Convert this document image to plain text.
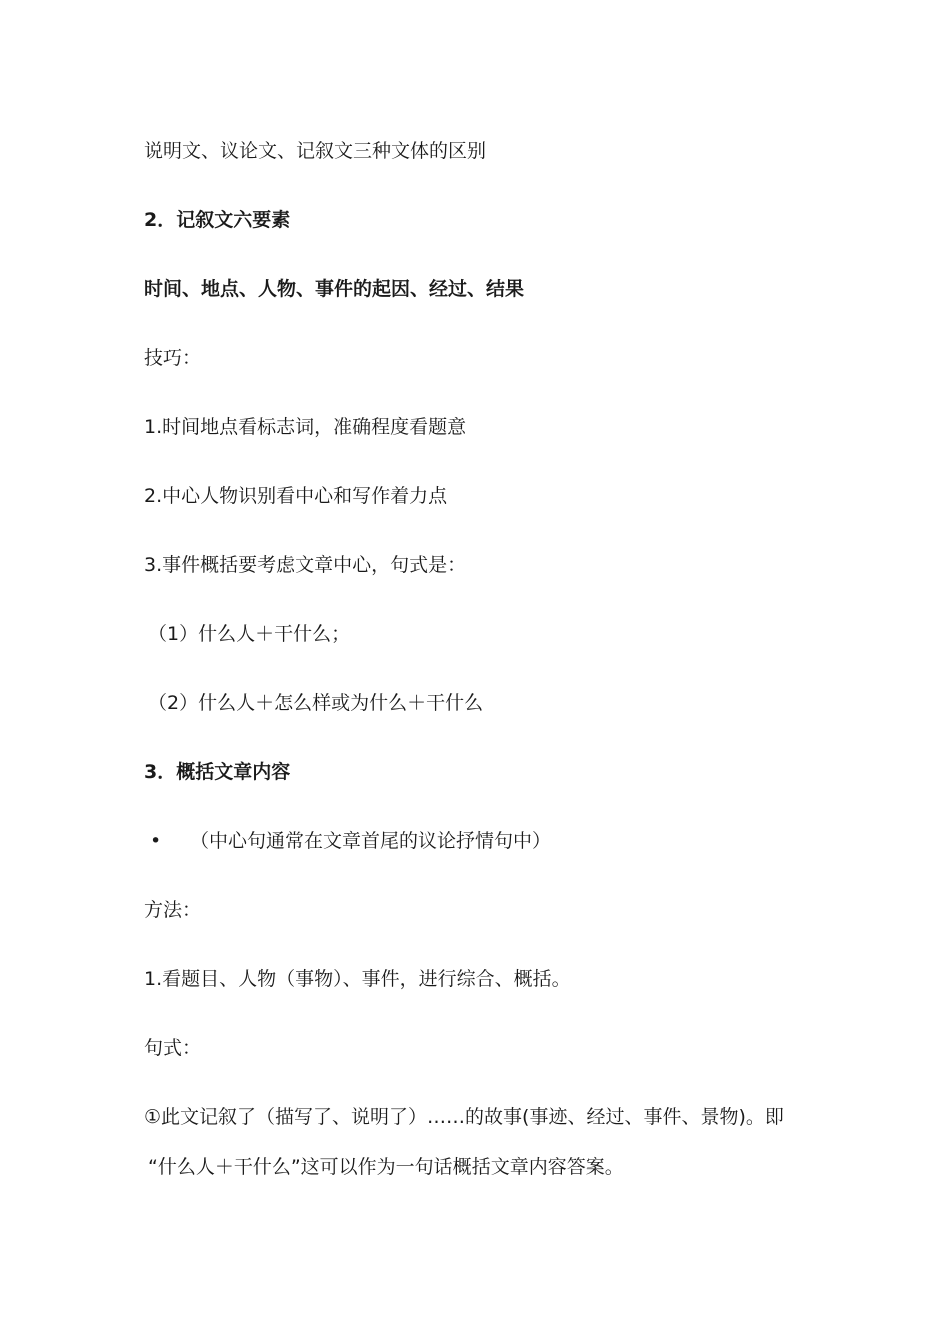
说明文、议论文、记叙文三种文体的区别
2．记叙文六要素
时间、地点、人物、事件的起因、经过、结果
技巧：
1.时间地点看标志词，准确程度看题意
2.中心人物识别看中心和写作着力点
3.事件概括要考虑文章中心，句式是：
（1）什么人＋干什么；
（2）什么人＋怎么样或为什么＋干什么
3．概括文章内容
• （中心句通常在文章首尾的议论抒情句中）
方法：
1.看题目、人物（事物）、事件，进行综合、概括。
句式：
①此文记叙了（描写了、说明了）……的故事(事迹、经过、事件、景物)。即
“什么人＋干什么”这可以作为一句话概括文章内容答案。
